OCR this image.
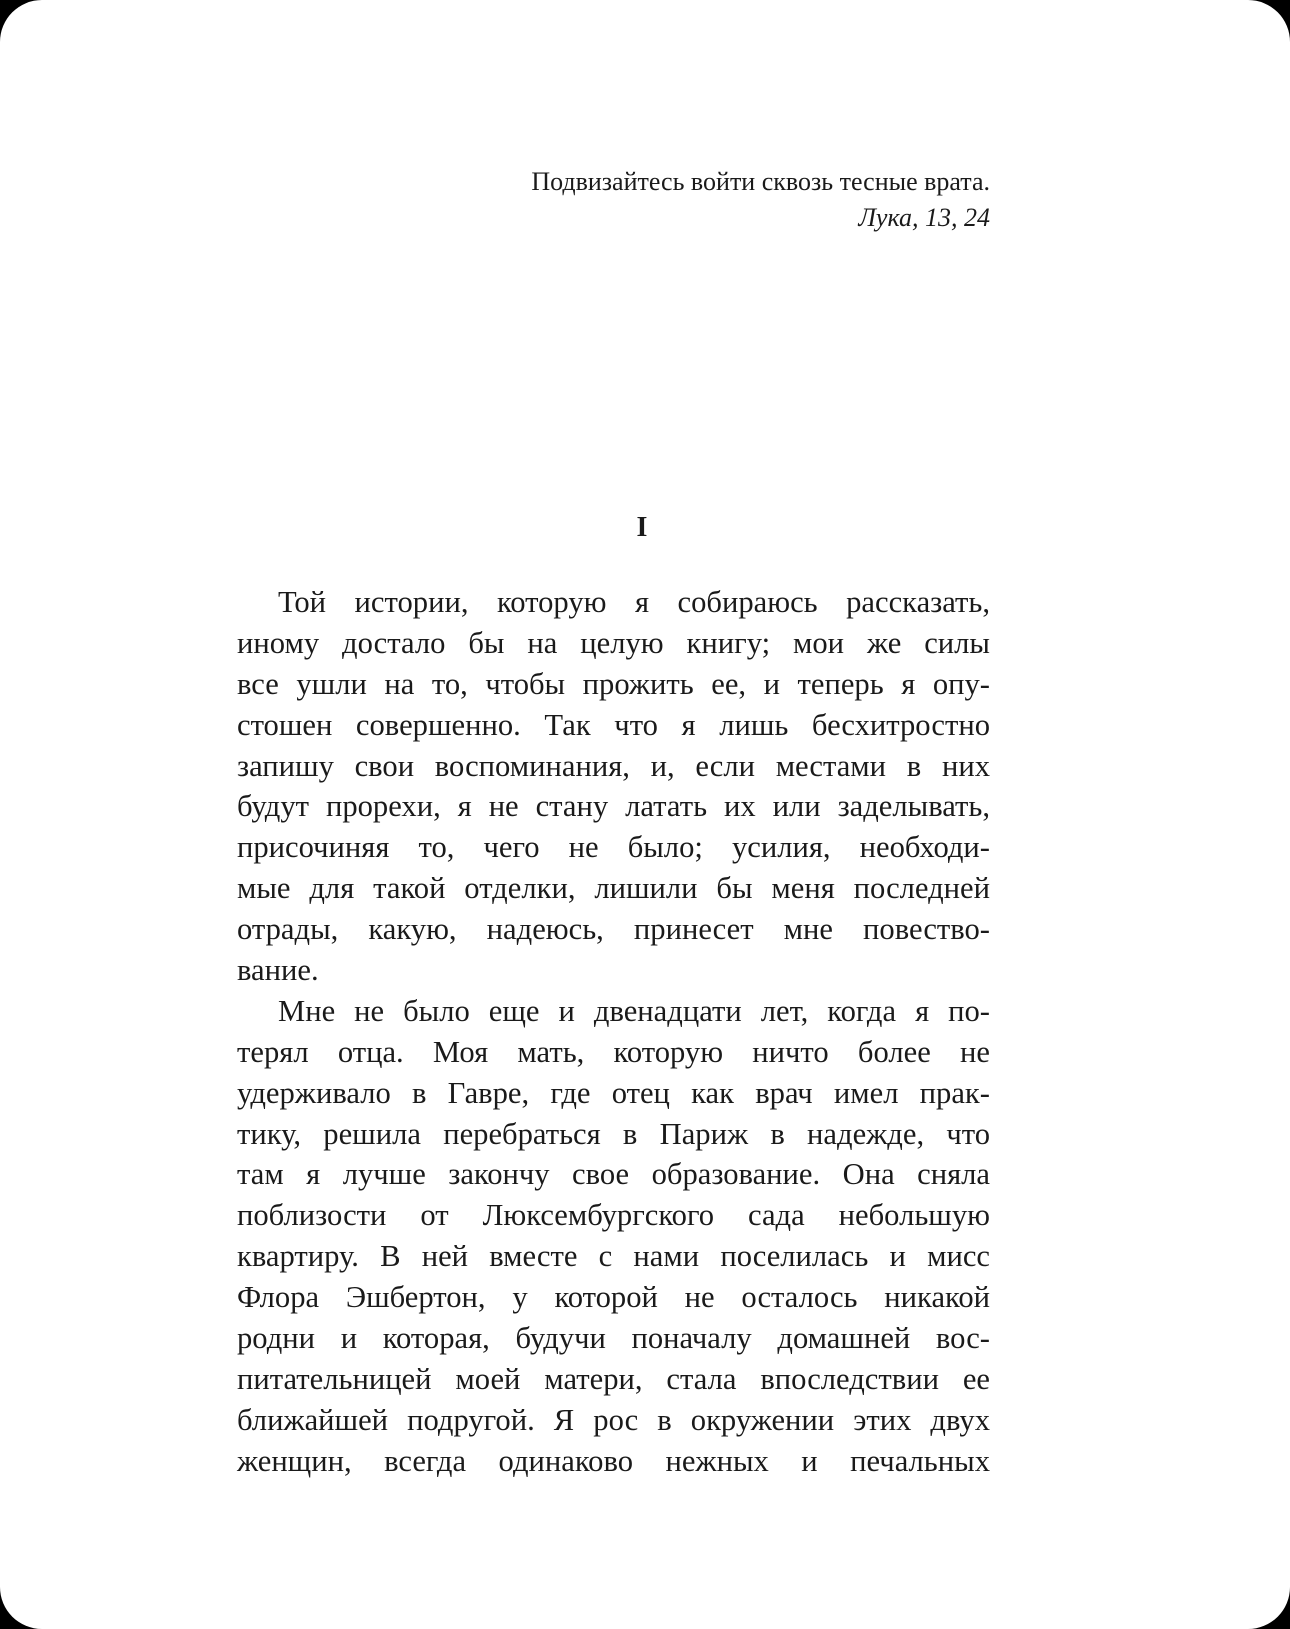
Подвизайтесь войти сквозь тесные врата.
Лука, 13, 24
I
Той истории, которую я собираюсь рассказать,
иному достало бы на целую книгу; мои же силы
все ушли на то, чтобы прожить ее, и теперь я опу-
стошен совершенно. Так что я лишь бесхитростно
запишу свои воспоминания, и, если местами в них
будут прорехи, я не стану латать их или заделывать,
присочиняя то, чего не было; усилия, необходи-
мые для такой отделки, лишили бы меня последней
отрады, какую, надеюсь, принесет мне повество-
вание.
Мне не было еще и двенадцати лет, когда я по-
терял отца. Моя мать, которую ничто более не
удерживало в Гавре, где отец как врач имел прак-
тику, решила перебраться в Париж в надежде, что
там я лучше закончу свое образование. Она сняла
поблизости от Люксембургского сада небольшую
квартиру. В ней вместе с нами поселилась и мисс
Флора Эшбертон, у которой не осталось никакой
родни и которая, будучи поначалу домашней вос-
питательницей моей матери, стала впоследствии ее
ближайшей подругой. Я рос в окружении этих двух
женщин, всегда одинаково нежных и печальных
